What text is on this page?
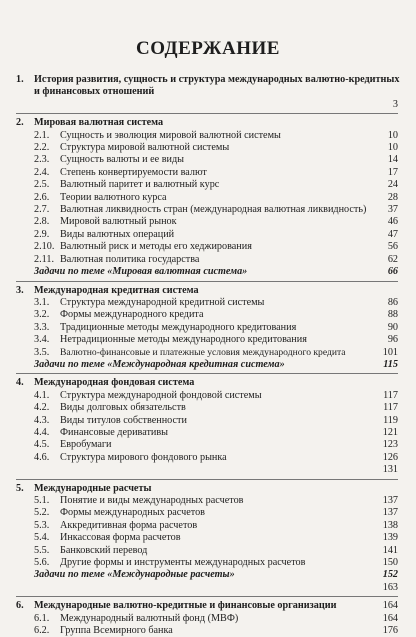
СОДЕРЖАНИЕ
1. История развития, сущность и структура международных валютно-кредитных
и финансовых отношений
3

2. Мировая валютная система
2.1. Сущность и эволюция мировой валютной системы	10
2.2. Структура мировой валютной системы	10
2.3. Сущность валюты и ее виды	14
2.4. Степень конвертируемости валют	17
2.5. Валютный паритет и валютный курс	24
2.6. Теории валютного курса	28
2.7. Валютная ликвидность стран (международная валютная ликвидность) 37
2.8. Мировой валютный рынок	46
2.9. Виды валютных операций	47
2.10. Валютный риск и методы его хеджирования	56
2.11. Валютная политика государства	62
Задачи по теме «Мировая валютная система»	66
3. Международная кредитная система
3.1. Структура международной кредитной системы	86
3.2. Формы международного кредита	88
3.3. Традиционные методы международного кредитования	90
3.4. Нетрадиционные методы международного кредитования	96
3.5. Валютно-финансовые и платежные условия международного кредита	101
Задачи по теме «Международная кредитная система»	115
4. Международная фондовая система
4.1. Структура международной фондовой системы	117
4.2. Виды долговых обязательств	117
4.3. Виды титулов собственности	119
4.4. Финансовые деривативы	121
4.5. Евробумаги	123
4.6. Структура мирового фондового рынка	126

131
5. Международные расчеты
5.1. Понятие и виды международных расчетов	137
5.2. Формы международных расчетов	137
5.3. Аккредитивная форма расчетов	138
5.4. Инкассовая форма расчетов	139
5.5. Банковский перевод	141
5.6. Другие формы и инструменты международных расчетов	150
Задачи по теме «Международные расчеты»	152

163
6. Международные валютно-кредитные и финансовые организации	164
6.1. Международный валютный фонд (МВФ)	164
6.2. Группа Всемирного банка	176
